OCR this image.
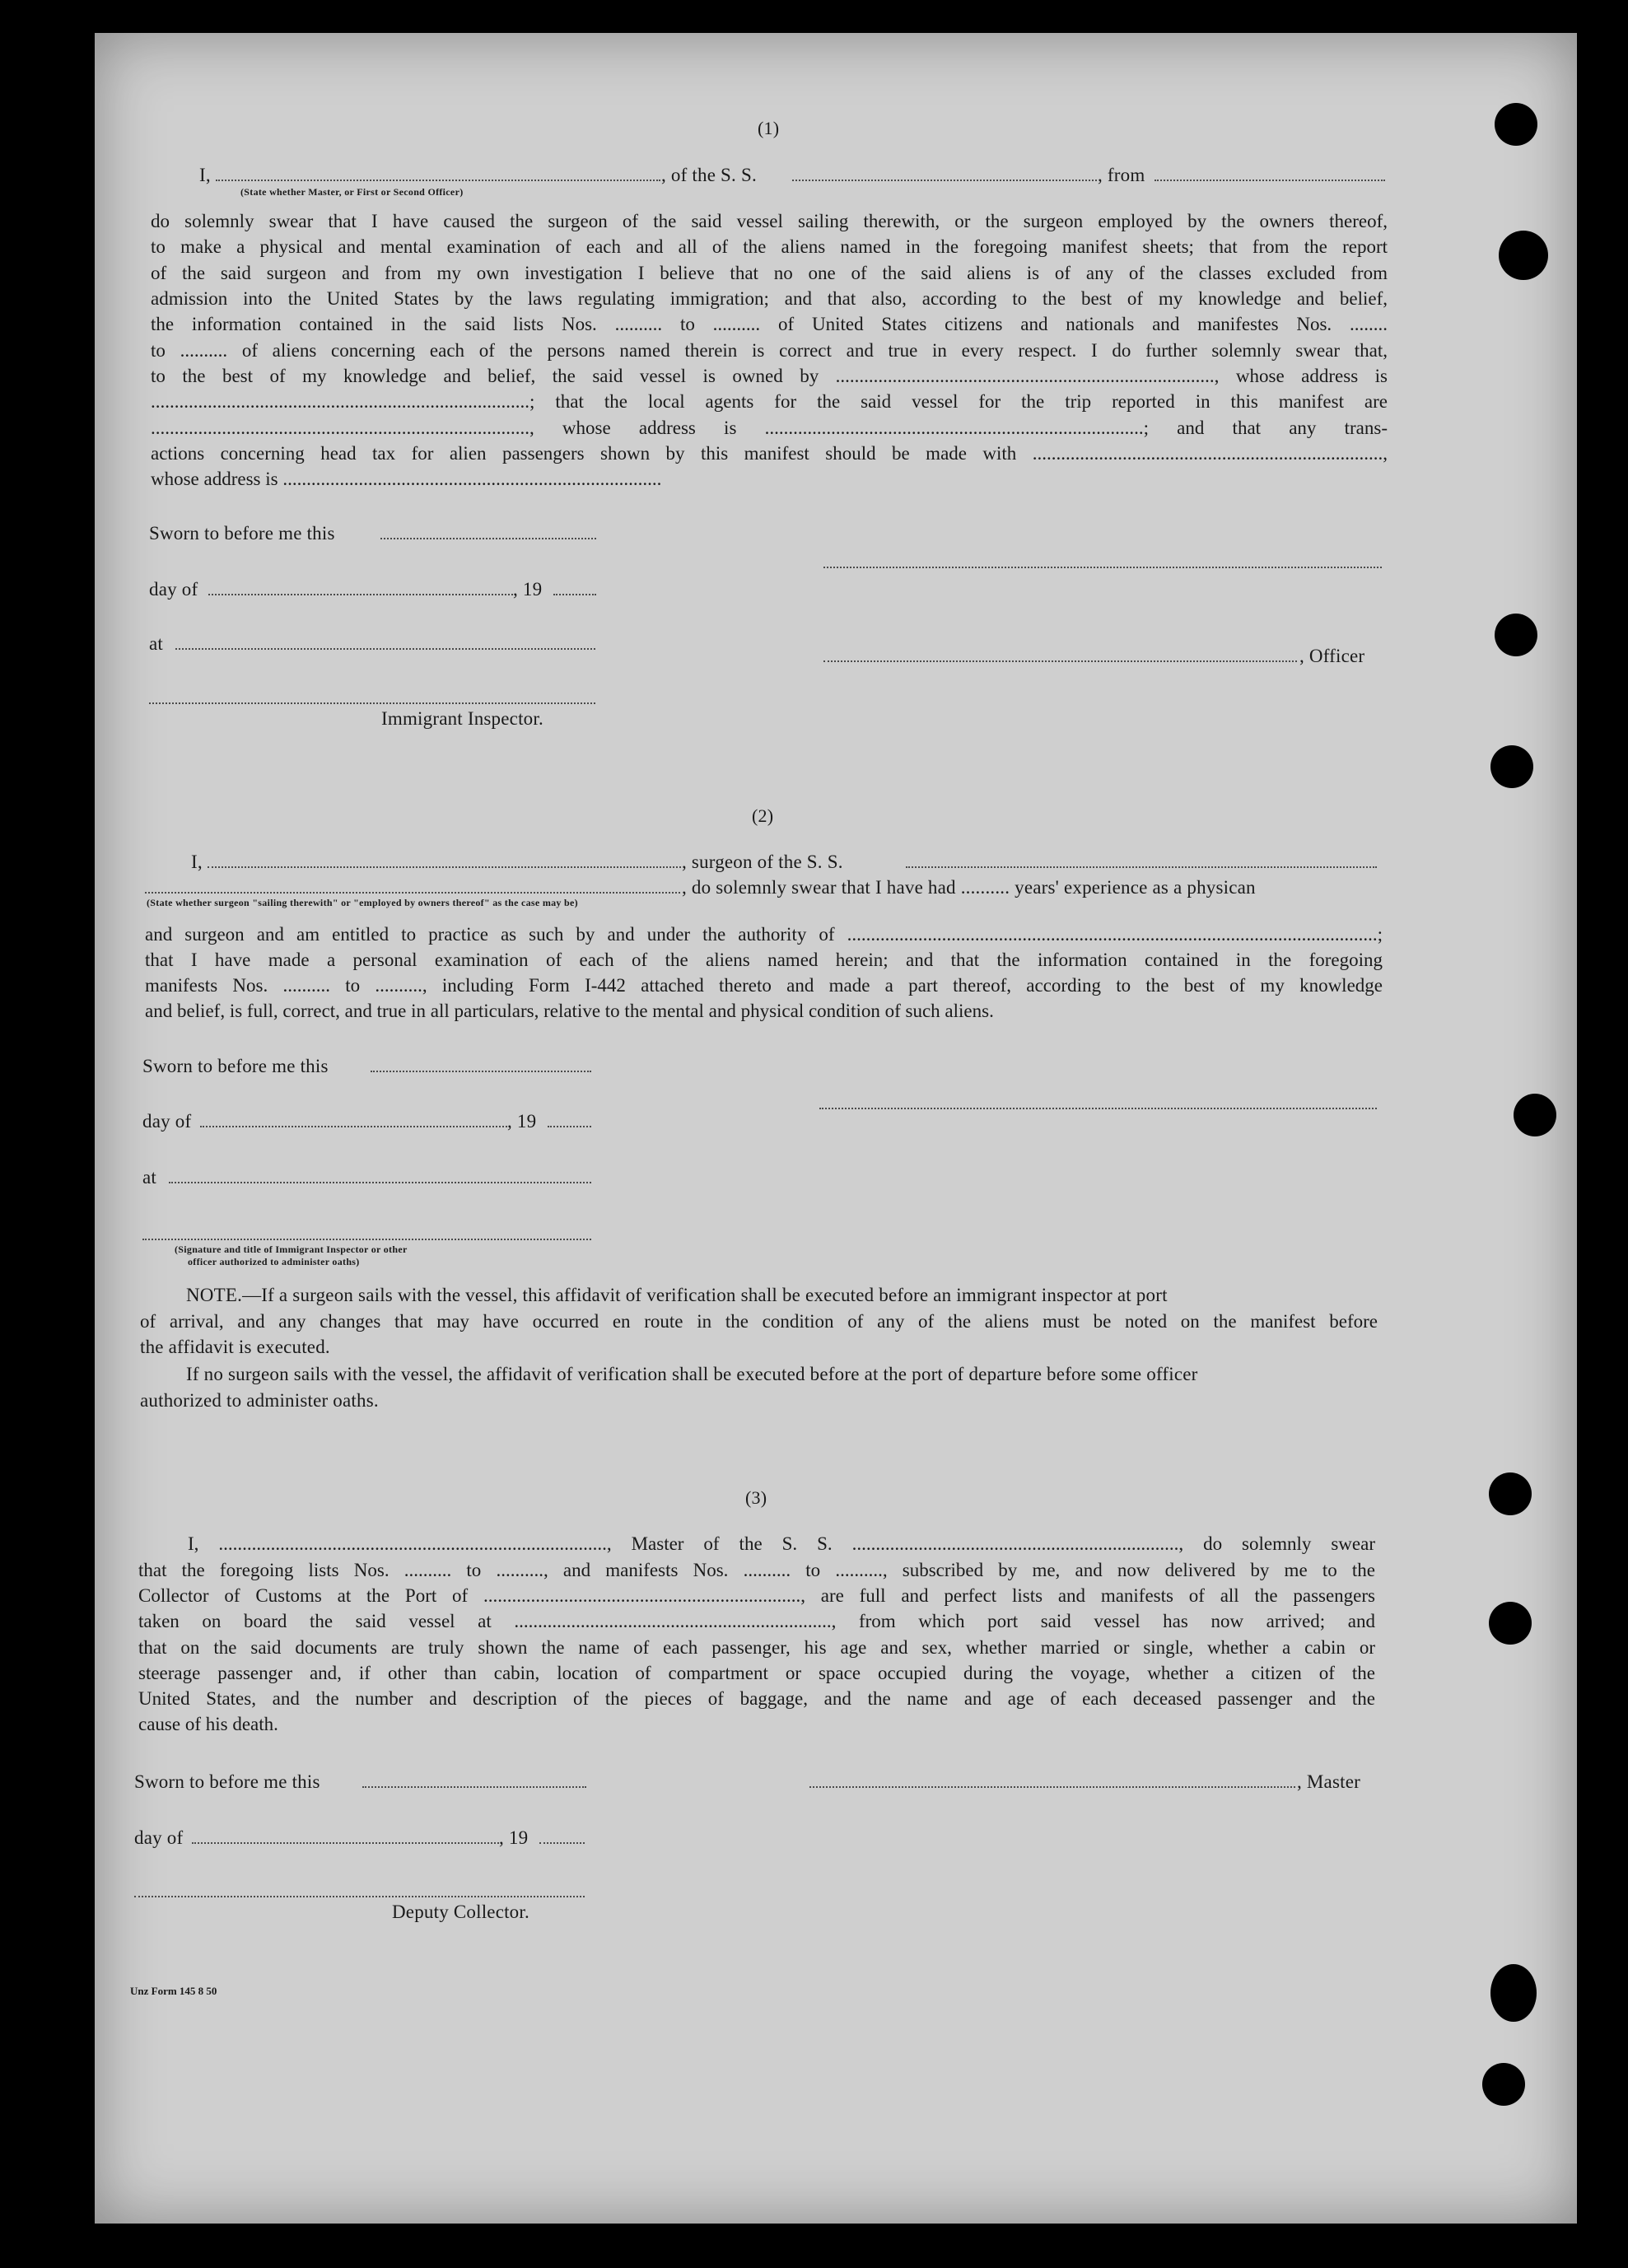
(1)
I,	, of the S. S.	, from
(State whether Master, or First or Second Officer)
do solemnly swear that I have caused the surgeon of the said vessel sailing therewith, or the surgeon employed by the owners thereof,
to make a physical and mental examination of each and all of the aliens named in the foregoing manifest sheets; that from the report
of the said surgeon and from my own investigation I believe that no one of the said aliens is of any of the classes excluded from
admission into the United States by the laws regulating immigration; and that also, according to the best of my knowledge and belief,
the information contained in the said lists Nos. .......... to .......... of United States citizens and nationals and manifestes Nos. ........
to .......... of aliens concerning each of the persons named therein is correct and true in every respect. I do further solemnly swear that,
to the best of my knowledge and belief, the said vessel is owned by ................................................................................, whose address is
................................................................................; that the local agents for the said vessel for the trip reported in this manifest are
................................................................................, whose address is ................................................................................; and that any trans-
actions concerning head tax for alien passengers shown by this manifest should be made with ..........................................................................,
whose address is ................................................................................
Sworn to before me this
day of	, 19
at
, Officer
Immigrant Inspector.
(2)
I,	, surgeon of the S. S.
, do solemnly swear that I have had .......... years' experience as a physican
(State whether surgeon "sailing therewith" or "employed by owners thereof" as the case may be)
and surgeon and am entitled to practice as such by and under the authority of ................................................................................................................;
that I have made a personal examination of each of the aliens named herein; and that the information contained in the foregoing
manifests Nos. .......... to .........., including Form I-442 attached thereto and made a part thereof, according to the best of my knowledge
and belief, is full, correct, and true in all particulars, relative to the mental and physical condition of such aliens.
Sworn to before me this
day of	, 19
at
(Signature and title of Immigrant Inspector or other
officer authorized to administer oaths)
NOTE.—If a surgeon sails with the vessel, this affidavit of verification shall be executed before an immigrant inspector at port
of arrival, and any changes that may have occurred en route in the condition of any of the aliens must be noted on the manifest before
the affidavit is executed.
If no surgeon sails with the vessel, the affidavit of verification shall be executed before at the port of departure before some officer
authorized to administer oaths.
(3)
I, .................................................................................., Master of the S. S. ....................................................................., do solemnly swear
that the foregoing lists Nos. .......... to .........., and manifests Nos. .......... to .........., subscribed by me, and now delivered by me to the
Collector of Customs at the Port of ..................................................................., are full and perfect lists and manifests of all the passengers
taken on board the said vessel at ..................................................................., from which port said vessel has now arrived; and
that on the said documents are truly shown the name of each passenger, his age and sex, whether married or single, whether a cabin or
steerage passenger and, if other than cabin, location of compartment or space occupied during the voyage, whether a citizen of the
United States, and the number and description of the pieces of baggage, and the name and age of each deceased passenger and the
cause of his death.
Sworn to before me this	, Master
day of	, 19
Deputy Collector.
Unz Form 145 8 50
